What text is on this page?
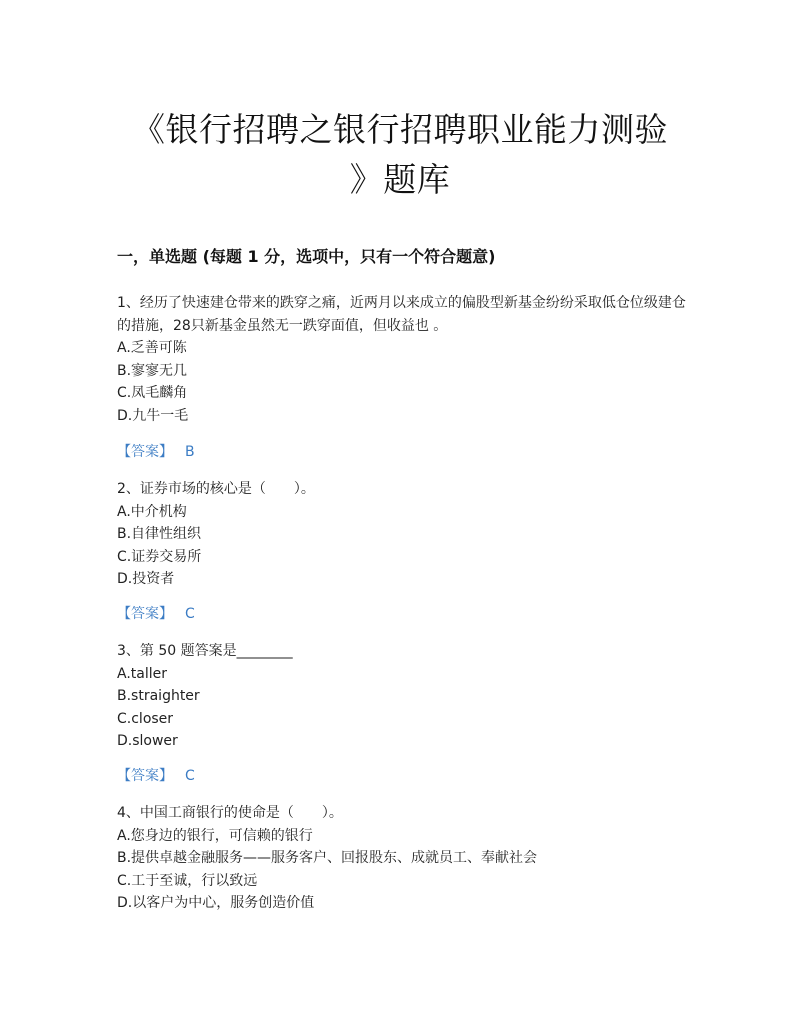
《银行招聘之银行招聘职业能力测验
》题库
一，单选题 (每题 1 分，选项中，只有一个符合题意)

1、经历了快速建仓带来的跌穿之痛，近两月以来成立的偏股型新基金纷纷采取低仓位级建仓的措施，28只新基金虽然无一跌穿面值，但收益也 。

A.乏善可陈

B.寥寥无几

C.凤毛麟角

D.九牛一毛

【答案】 B

2、证券市场的核心是（　　）。

A.中介机构

B.自律性组织

C.证券交易所

D.投资者

【答案】 C

3、第 50 题答案是________

A.taller

B.straighter

C.closer

D.slower

【答案】 C

4、中国工商银行的使命是（　　）。

A.您身边的银行，可信赖的银行

B.提供卓越金融服务——服务客户、回报股东、成就员工、奉献社会

C.工于至诚，行以致远

D.以客户为中心，服务创造价值
